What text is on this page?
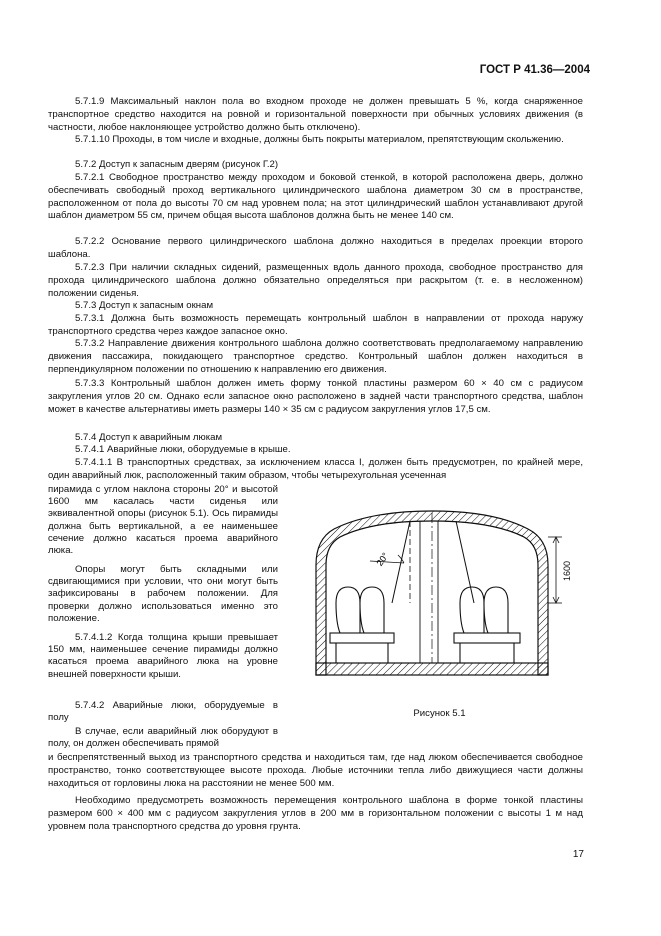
ГОСТ Р 41.36—2004

5.7.1.9 Максимальный наклон пола во входном проходе не должен превышать 5 %, когда снаряженное транспортное средство находится на ровной и горизонтальной поверхности при обычных условиях движения (в частности, любое наклоняющее устройство должно быть отключено).

5.7.1.10 Проходы, в том числе и входные, должны быть покрыты материалом, препятствующим скольжению.

5.7.2 Доступ к запасным дверям (рисунок Г.2)

5.7.2.1 Свободное пространство между проходом и боковой стенкой, в которой расположена дверь, должно обеспечивать свободный проход вертикального цилиндрического шаблона диаметром 30 см в пространстве, расположенном от пола до высоты 70 см над уровнем пола; на этот цилиндрический шаблон устанавливают другой шаблон диаметром 55 см, причем общая высота шаблонов должна быть не менее 140 см.

5.7.2.2 Основание первого цилиндрического шаблона должно находиться в пределах проекции второго шаблона.

5.7.2.3 При наличии складных сидений, размещенных вдоль данного прохода, свободное пространство для прохода цилиндрического шаблона должно обязательно определяться при раскрытом (т. е. в несложенном) положении сиденья.

5.7.3 Доступ к запасным окнам

5.7.3.1 Должна быть возможность перемещать контрольный шаблон в направлении от прохода наружу транспортного средства через каждое запасное окно.

5.7.3.2 Направление движения контрольного шаблона должно соответствовать предполагаемому направлению движения пассажира, покидающего транспортное средство. Контрольный шаблон должен находиться в перпендикулярном положении по отношению к направлению его движения.

5.7.3.3 Контрольный шаблон должен иметь форму тонкой пластины размером 60 × 40 см с радиусом закругления углов 20 см. Однако если запасное окно расположено в задней части транспортного средства, шаблон может в качестве альтернативы иметь размеры 140 × 35 см с радиусом закругления углов 17,5 см.

5.7.4 Доступ к аварийным люкам

5.7.4.1 Аварийные люки, оборудуемые в крыше.

5.7.4.1.1 В транспортных средствах, за исключением класса I, должен быть предусмотрен, по крайней мере, один аварийный люк, расположенный таким образом, чтобы четырехугольная усеченная

пирамида с углом наклона стороны 20° и высотой 1600 мм касалась части сиденья или эквивалентной опоры (рисунок 5.1). Ось пирамиды должна быть вертикальной, а ее наименьшее сечение должно касаться проема аварийного люка.

Опоры могут быть складными или сдвигающимися при условии, что они могут быть зафиксированы в рабочем положении. Для проверки должно использоваться именно это положение.

5.7.4.1.2 Когда толщина крыши превышает 150 мм, наименьшее сечение пирамиды должно касаться проема аварийного люка на уровне внешней поверхности крыши.

5.7.4.2 Аварийные люки, оборудуемые в полу

В случае, если аварийный люк оборудуют в полу, он должен обеспечивать прямой

и беспрепятственный выход из транспортного средства и находиться там, где над люком обеспечивается свободное пространство, тонко соответствующее высоте прохода. Любые источники тепла либо движущиеся части должны находиться от горловины люка на расстоянии не менее 500 мм.

Необходимо предусмотреть возможность перемещения контрольного шаблона в форме тонкой пластины размером 600 × 400 мм с радиусом закругления углов в 200 мм в горизонтальном положении с высоты 1 м над уровнем пола транспортного средства до уровня грунта.

20°
1600
Рисунок 5.1
17
